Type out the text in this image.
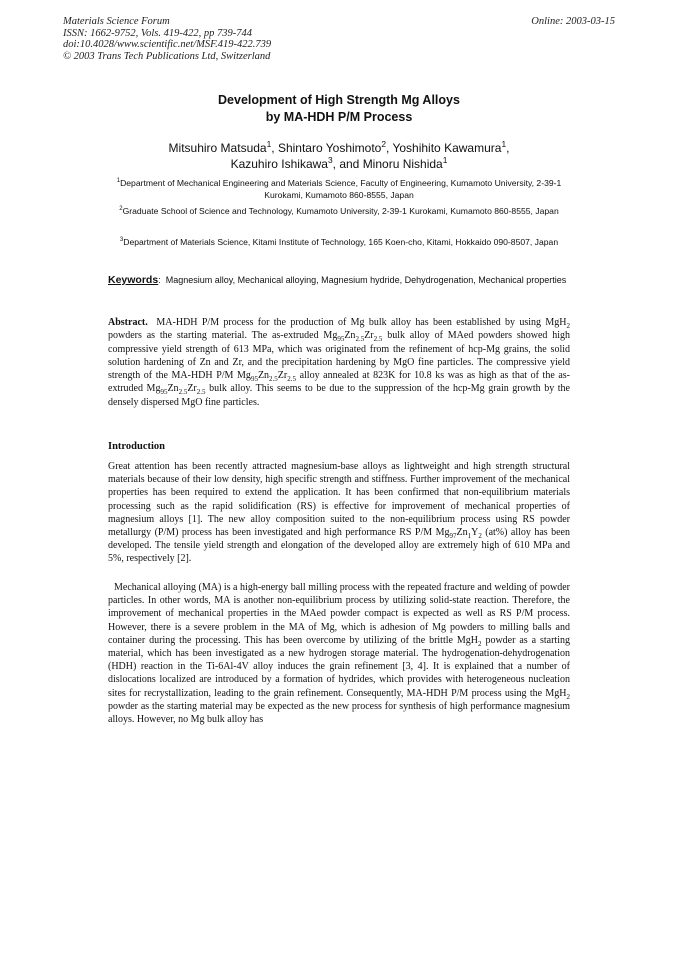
Materials Science Forum
ISSN: 1662-9752, Vols. 419-422, pp 739-744
doi:10.4028/www.scientific.net/MSF.419-422.739
© 2003 Trans Tech Publications Ltd, Switzerland
Online: 2003-03-15
Development of High Strength Mg Alloys
by MA-HDH P/M Process
Mitsuhiro Matsuda$^1$, Shintaro Yoshimoto$^2$, Yoshihito Kawamura$^1$,
Kazuhiro Ishikawa$^3$, and Minoru Nishida$^1$
$^1$Department of Mechanical Engineering and Materials Science, Faculty of Engineering, Kumamoto University, 2-39-1 Kurokami, Kumamoto 860-8555, Japan
$^2$Graduate School of Science and Technology, Kumamoto University, 2-39-1 Kurokami, Kumamoto 860-8555, Japan
$^3$Department of Materials Science, Kitami Institute of Technology, 165 Koen-cho, Kitami, Hokkaido 090-8507, Japan
Keywords:  Magnesium alloy, Mechanical alloying, Magnesium hydride, Dehydrogenation, Mechanical properties
Abstract. MA-HDH P/M process for the production of Mg bulk alloy has been established by using MgH$_2$ powders as the starting material. The as-extruded $Mg_{95}Zn_{2.5}Zr_{2.5}$ bulk alloy of MAed powders showed high compressive yield strength of 613 MPa, which was originated from the refinement of hcp-Mg grains, the solid solution hardening of Zn and Zr, and the precipitation hardening by MgO fine particles. The compressive yield strength of the MA-HDH P/M $Mg_{95}Zn_{2.5}Zr_{2.5}$ alloy annealed at 823K for 10.8 ks was as high as that of the as-extruded $Mg_{95}Zn_{2.5}Zr_{2.5}$ bulk alloy. This seems to be due to the suppression of the hcp-Mg grain growth by the densely dispersed MgO fine particles.
Introduction
Great attention has been recently attracted magnesium-base alloys as lightweight and high strength structural materials because of their low density, high specific strength and stiffness. Further improvement of the mechanical properties has been required to extend the application. It has been confirmed that non-equilibrium materials processing such as the rapid solidification (RS) is effective for improvement of mechanical properties of magnesium alloys [1]. The new alloy composition suited to the non-equilibrium process using RS powder metallurgy (P/M) process has been investigated and high performance RS P/M $Mg_{97}Zn_1Y_2$ (at%) alloy has been developed. The tensile yield strength and elongation of the developed alloy are extremely high of 610 MPa and 5%, respectively [2].
Mechanical alloying (MA) is a high-energy ball milling process with the repeated fracture and welding of powder particles. In other words, MA is another non-equilibrium process by utilizing solid-state reaction. Therefore, the improvement of mechanical properties in the MAed powder compact is expected as well as RS P/M process. However, there is a severe problem in the MA of Mg, which is adhesion of Mg powders to milling balls and container during the processing. This has been overcome by utilizing of the brittle MgH$_2$ powder as a starting material, which has been investigated as a new hydrogen storage material. The hydrogenation-dehydrogenation (HDH) reaction in the Ti-6Al-4V alloy induces the grain refinement [3, 4]. It is explained that a number of dislocations localized are introduced by a formation of hydrides, which provides with heterogeneous nucleation sites for recrystallization, leading to the grain refinement. Consequently, MA-HDH P/M process using the MgH$_2$ powder as the starting material may be expected as the new process for synthesis of high performance magnesium alloys. However, no Mg bulk alloy has
